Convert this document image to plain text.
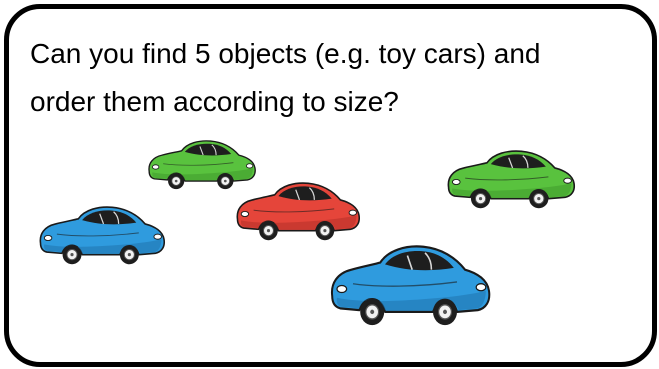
Can you find 5 objects (e.g. toy cars) and
order them according to size?
